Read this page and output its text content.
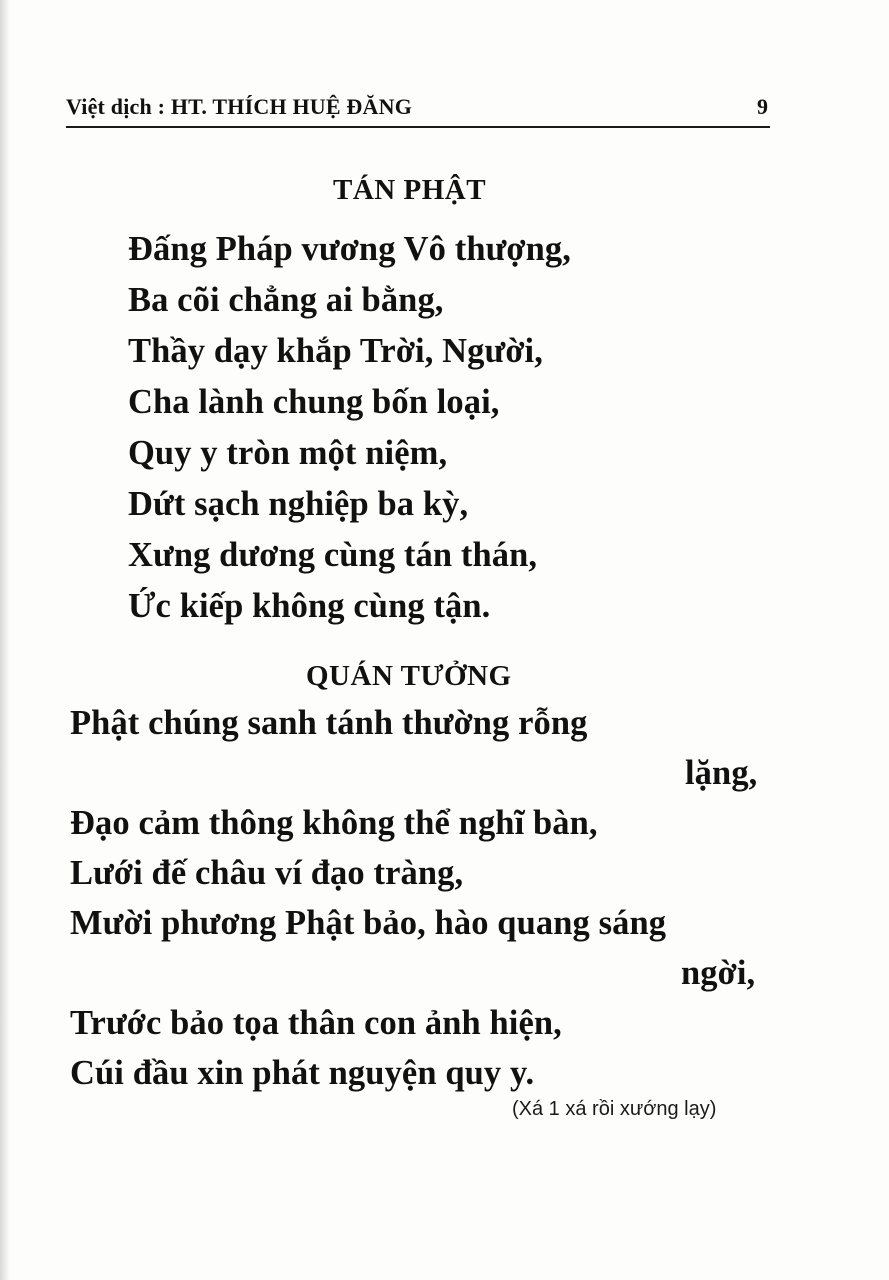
Việt dịch : HT. THÍCH HUỆ ĐĂNG	9
TÁN PHẬT
Đấng Pháp vương Vô thượng,
Ba cõi chẳng ai bằng,
Thầy dạy khắp Trời, Người,
Cha lành chung bốn loại,
Quy y tròn một niệm,
Dứt sạch nghiệp ba kỳ,
Xưng dương cùng tán thán,
Ức kiếp không cùng tận.
QUÁN TƯỞNG
Phật chúng sanh tánh thường rỗng
lặng,
Đạo cảm thông không thể nghĩ bàn,
Lưới đế châu ví đạo tràng,
Mười phương Phật bảo, hào quang sáng
ngời,
Trước bảo tọa thân con ảnh hiện,
Cúi đầu xin phát nguyện quy y.
(Xá 1 xá rồi xướng lạy)
